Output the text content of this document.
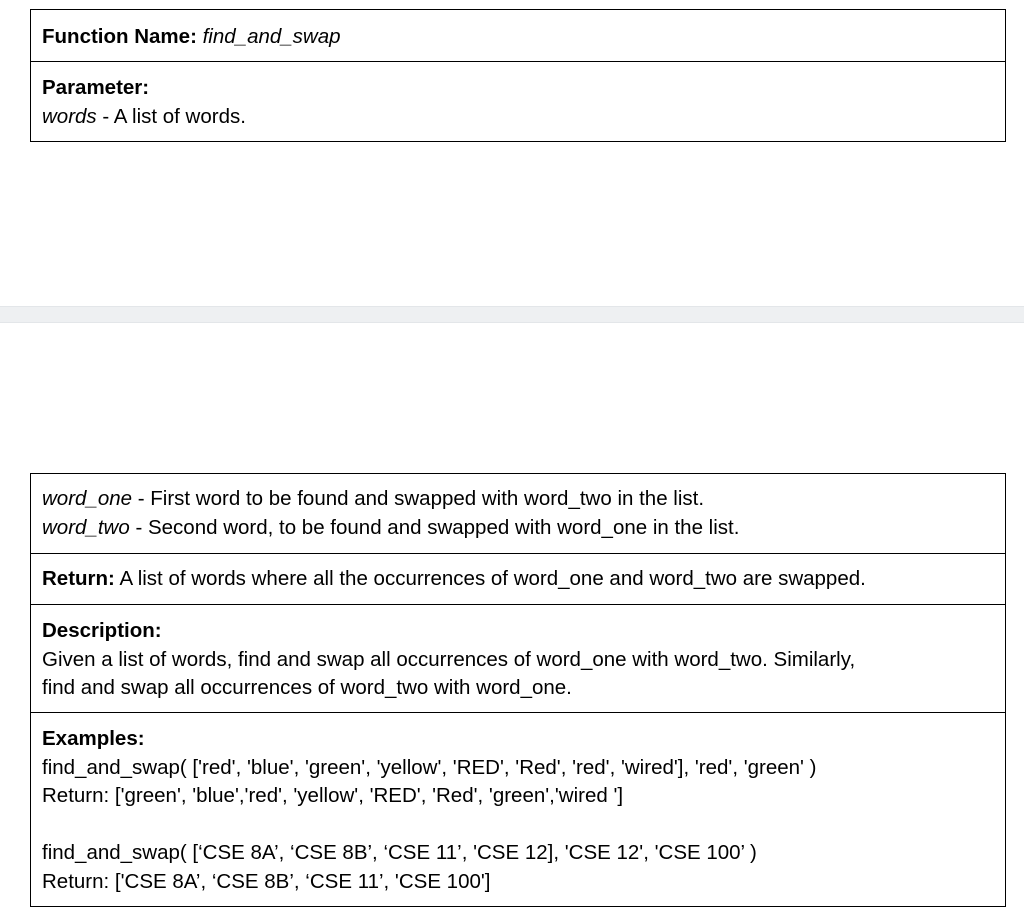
Function Name: find_and_swap
Parameter:
words - A list of words.
word_one - First word to be found and swapped with word_two in the list.
word_two - Second word, to be found and swapped with word_one in the list.
Return: A list of words where all the occurrences of word_one and word_two are swapped.
Description:
Given a list of words, find and swap all occurrences of word_one with word_two. Similarly,
find and swap all occurrences of word_two with word_one.
Examples:
find_and_swap( ['red', 'blue', 'green', 'yellow', 'RED', 'Red', 'red', 'wired'], 'red', 'green' )
Return: ['green', 'blue','red', 'yellow', 'RED', 'Red', 'green','wired ']
find_and_swap( [‘CSE 8A’, ‘CSE 8B’, ‘CSE 11’, 'CSE 12], 'CSE 12', 'CSE 100’ )
Return: ['CSE 8A’, ‘CSE 8B’, ‘CSE 11’, 'CSE 100']
